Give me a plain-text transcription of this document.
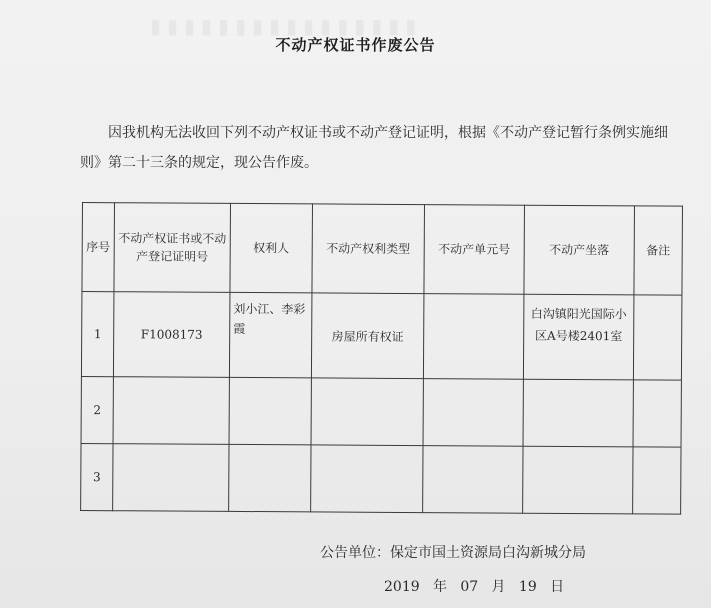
不动产权证书作废公告
因我机构无法收回下列不动产权证书或不动产登记证明，根据《不动产登记暂行条例实施细则》第二十三条的规定，现公告作废。
序号	不动产权证书或不动产登记证明号	权利人	不动产权利类型	不动产单元号	不动产坐落	备注
1	F1008173	刘小江、李彩霞	房屋所有权证		白沟镇阳光国际小区A号楼2401室	
2						
3						
公告单位：保定市国土资源局白沟新城分局
2019 年 07 月 19 日
